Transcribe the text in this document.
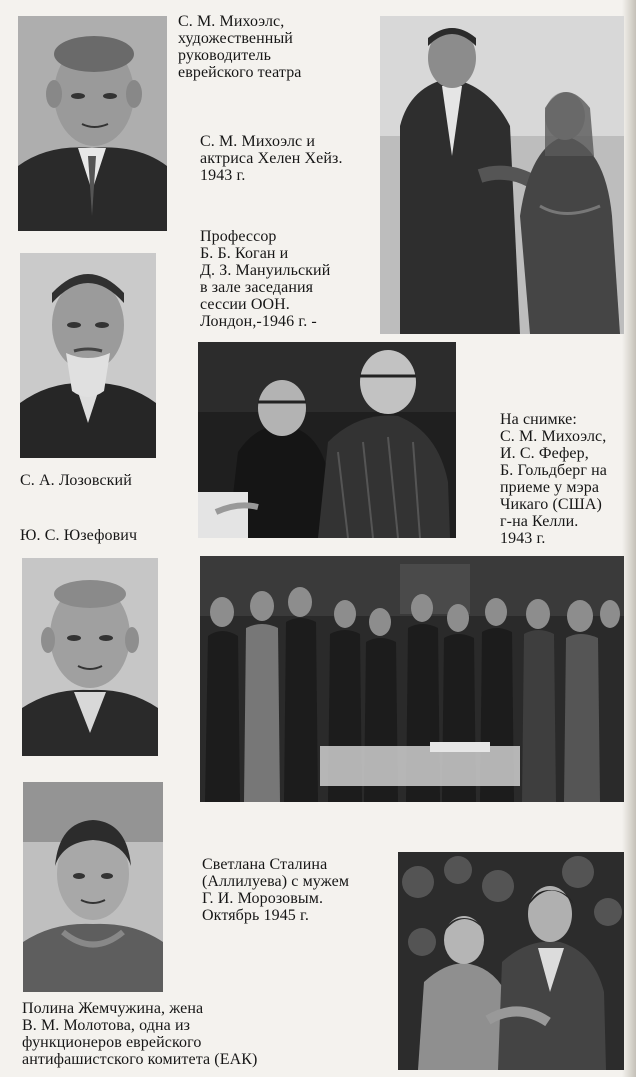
С. М. Михоэлс,
художественный
руководитель
еврейского театра
С. М. Михоэлс и
актриса Хелен Хейз.
1943 г.
Профессор
Б. Б. Коган и
Д. З. Мануильский
в зале заседания
сессии ООН.
Лондон,‑1946 г. ‑
На снимке:
С. М. Михоэлс,
И. С. Фефер,
Б. Гольдберг на
приеме у мэра
Чикаго (США)
г-на Келли.
1943 г.
С. А. Лозовский
Ю. С. Юзефович
Светлана Сталина
(Аллилуева) с мужем
Г. И. Морозовым.
Октябрь 1945 г.
Полина Жемчужина, жена
В. М. Молотова, одна из
функционеров еврейского
антифашистского комитета (ЕАК)
